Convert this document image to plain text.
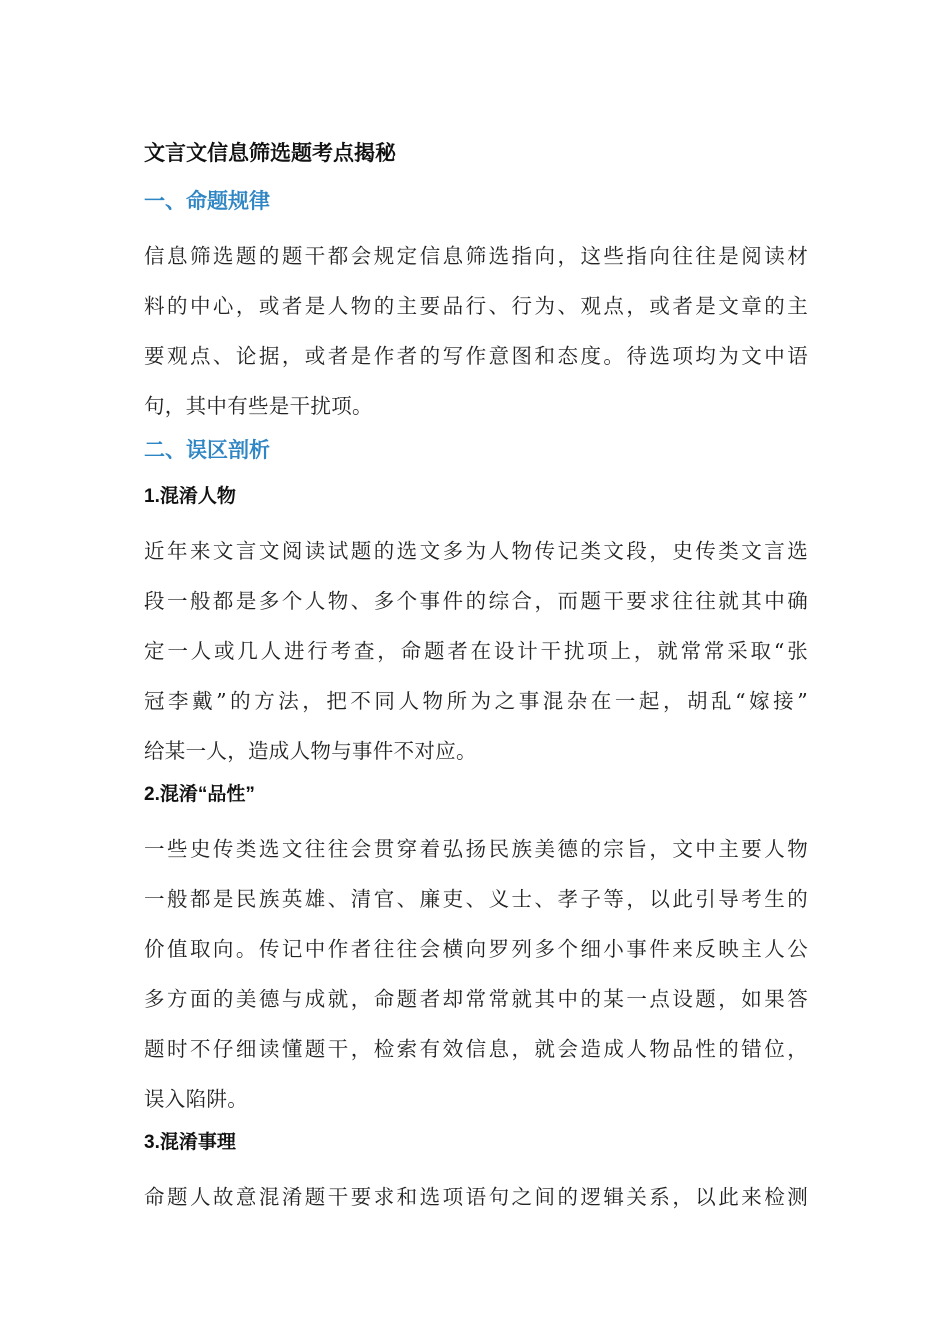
文言文信息筛选题考点揭秘
一、命题规律
信息筛选题的题干都会规定信息筛选指向，这些指向往往是阅读材
料的中心，或者是人物的主要品行、行为、观点，或者是文章的主
要观点、论据，或者是作者的写作意图和态度。待选项均为文中语
句，其中有些是干扰项。
二、误区剖析
1.混淆人物
近年来文言文阅读试题的选文多为人物传记类文段，史传类文言选
段一般都是多个人物、多个事件的综合，而题干要求往往就其中确
定一人或几人进行考查，命题者在设计干扰项上，就常常采取“张
冠李戴”的方法，把不同人物所为之事混杂在一起，胡乱“嫁接”
给某一人，造成人物与事件不对应。
2.混淆“品性”
一些史传类选文往往会贯穿着弘扬民族美德的宗旨，文中主要人物
一般都是民族英雄、清官、廉吏、义士、孝子等，以此引导考生的
价值取向。传记中作者往往会横向罗列多个细小事件来反映主人公
多方面的美德与成就，命题者却常常就其中的某一点设题，如果答
题时不仔细读懂题干，检索有效信息，就会造成人物品性的错位，
误入陷阱。
3.混淆事理
命题人故意混淆题干要求和选项语句之间的逻辑关系，以此来检测
